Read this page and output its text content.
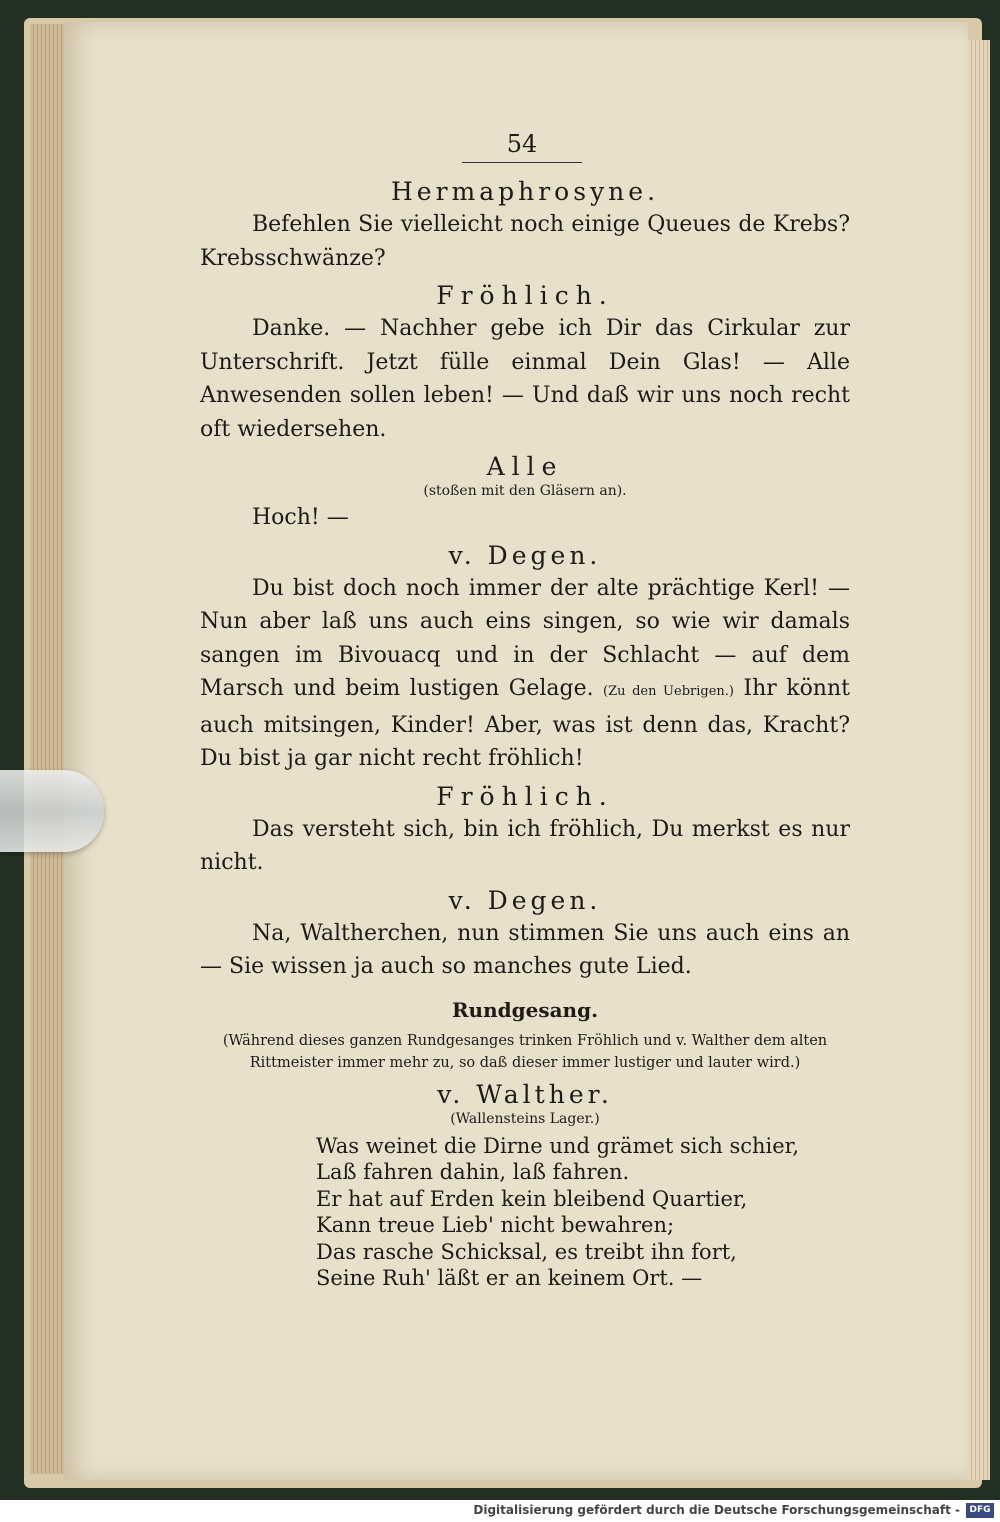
54
Hermaphrosyne.

Befehlen Sie vielleicht noch einige Queues de Krebs? Krebsschwänze?

Fröhlich.

Danke. — Nachher gebe ich Dir das Cirkular zur Unterschrift. Jetzt fülle einmal Dein Glas! — Alle Anwesenden sollen leben! — Und daß wir uns noch recht oft wiedersehen.

Alle
(stoßen mit den Gläsern an).

Hoch! —

v. Degen.

Du bist doch noch immer der alte prächtige Kerl! — Nun aber laß uns auch eins singen, so wie wir damals sangen im Bivouacq und in der Schlacht — auf dem Marsch und beim lustigen Gelage. (Zu den Uebrigen.) Ihr könnt auch mitsingen, Kinder! Aber, was ist denn das, Kracht? Du bist ja gar nicht recht fröhlich!

Fröhlich.

Das versteht sich, bin ich fröhlich, Du merkst es nur nicht.

v. Degen.

Na, Waltherchen, nun stimmen Sie uns auch eins an — Sie wissen ja auch so manches gute Lied.

Rundgesang.
(Während dieses ganzen Rundgesanges trinken Fröhlich und v. Walther dem alten Rittmeister immer mehr zu, so daß dieser immer lustiger und lauter wird.)
v. Walther.
(Wallensteins Lager.)
Was weinet die Dirne und grämet sich schier,
Laß fahren dahin, laß fahren.
Er hat auf Erden kein bleibend Quartier,
Kann treue Lieb' nicht bewahren;
Das rasche Schicksal, es treibt ihn fort,
Seine Ruh' läßt er an keinem Ort. —
Digitalisierung gefördert durch die Deutsche Forschungsgemeinschaft -	DFG
